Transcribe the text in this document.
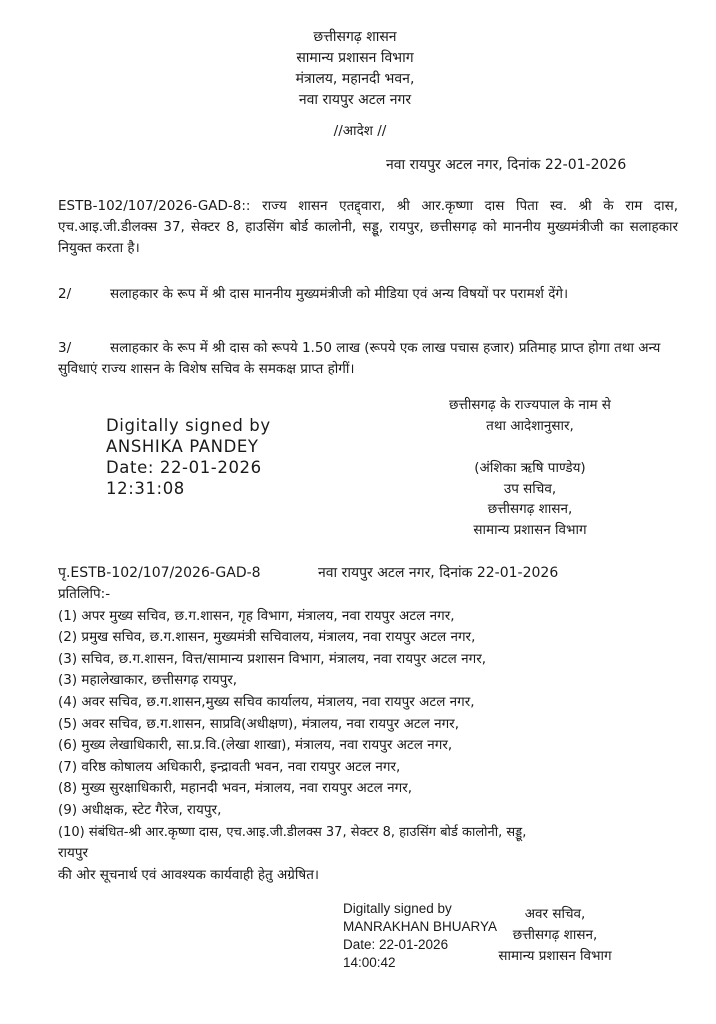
छत्तीसगढ़ शासन
सामान्य प्रशासन विभाग
मंत्रालय, महानदी भवन,
नवा रायपुर अटल नगर
//आदेश //
नवा रायपुर अटल नगर, दिनांक 22-01-2026
ESTB-102/107/2026-GAD-8:: राज्य शासन एतद्द्वारा, श्री आर.कृष्णा दास पिता स्व. श्री के राम दास, एच.आइ.जी.डीलक्स 37, सेक्टर 8, हाउसिंग बोर्ड कालोनी, सड्डू, रायपुर, छत्तीसगढ़ को माननीय मुख्यमंत्रीजी का सलाहकार नियुक्त करता है।
2/	सलाहकार के रूप में श्री दास माननीय मुख्यमंत्रीजी को मीडिया एवं अन्य विषयों पर परामर्श देंगे।
3/	सलाहकार के रूप में श्री दास को रूपये 1.50 लाख (रूपये एक लाख पचास हजार) प्रतिमाह प्राप्त होगा तथा अन्य सुविधाएं राज्य शासन के विशेष सचिव के समकक्ष प्राप्त होगीं।
Digitally signed by
ANSHIKA PANDEY
Date: 22-01-2026
12:31:08
छत्तीसगढ़ के राज्यपाल के नाम से
तथा आदेशानुसार,
(अंशिका ऋषि पाण्डेय)
उप सचिव,
छत्तीसगढ़ शासन,
सामान्य प्रशासन विभाग
पृ.ESTB-102/107/2026-GAD-8	नवा रायपुर अटल नगर, दिनांक 22-01-2026
प्रतिलिपि:-
(1) अपर मुख्य सचिव, छ.ग.शासन, गृह विभाग, मंत्रालय, नवा रायपुर अटल नगर,
(2) प्रमुख सचिव, छ.ग.शासन, मुख्यमंत्री सचिवालय, मंत्रालय, नवा रायपुर अटल नगर,
(3) सचिव, छ.ग.शासन, वित्त/सामान्य प्रशासन विभाग, मंत्रालय, नवा रायपुर अटल नगर,
(3) महालेखाकार, छत्तीसगढ़ रायपुर,
(4) अवर सचिव, छ.ग.शासन,मुख्य सचिव कार्यालय, मंत्रालय, नवा रायपुर अटल नगर,
(5) अवर सचिव, छ.ग.शासन, साप्रवि(अधीक्षण), मंत्रालय, नवा रायपुर अटल नगर,
(6) मुख्य लेखाधिकारी, सा.प्र.वि.(लेखा शाखा), मंत्रालय, नवा रायपुर अटल नगर,
(7) वरिष्ठ कोषालय अधिकारी, इन्द्रावती भवन, नवा रायपुर अटल नगर,
(8) मुख्य सुरक्षाधिकारी, महानदी भवन, मंत्रालय, नवा रायपुर अटल नगर,
(9) अधीक्षक, स्टेट गैरेज, रायपुर,
(10) संबंधित-श्री आर.कृष्णा दास, एच.आइ.जी.डीलक्स 37, सेक्टर 8, हाउसिंग बोर्ड कालोनी, सड्डू,
रायपुर
की ओर सूचनार्थ एवं आवश्यक कार्यवाही हेतु अग्रेषित।
Digitally signed by
MANRAKHAN BHUARYA
Date: 22-01-2026
14:00:42
अवर सचिव,
छत्तीसगढ़ शासन,
सामान्य प्रशासन विभाग
